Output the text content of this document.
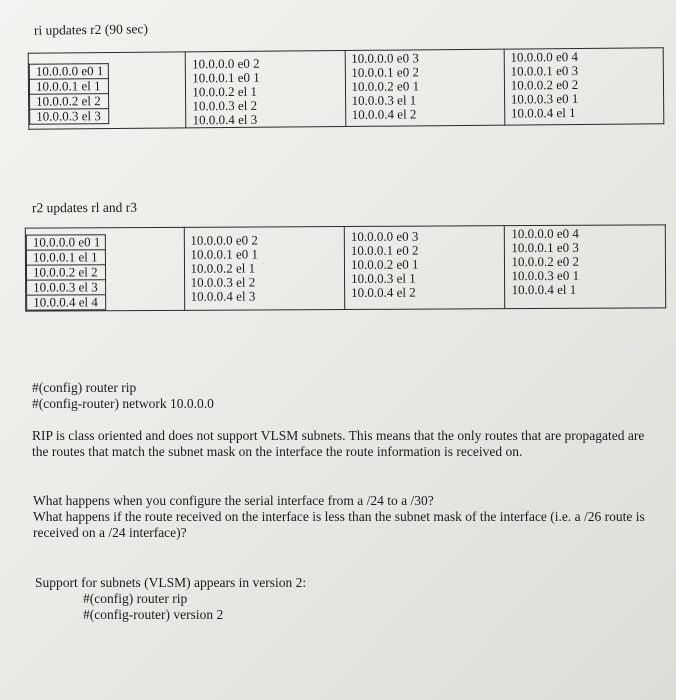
ri updates r2 (90 sec)
10.0.0.0 e0 1
10.0.0.1 el 1
10.0.0.2 el 2
10.0.0.3 el 3

10.0.0.0 e0 2
10.0.0.1 e0 1
10.0.0.2 el 1
10.0.0.3 el 2
10.0.0.4 el 3

10.0.0.0 e0 3
10.0.0.1 e0 2
10.0.0.2 e0 1
10.0.0.3 el 1
10.0.0.4 el 2

10.0.0.0 e0 4
10.0.0.1 e0 3
10.0.0.2 e0 2
10.0.0.3 e0 1
10.0.0.4 el 1
r2 updates rl and r3
10.0.0.0 e0 1
10.0.0.1 el 1
10.0.0.2 el 2
10.0.0.3 el 3
10.0.0.4 el 4

10.0.0.0 e0 2
10.0.0.1 e0 1
10.0.0.2 el 1
10.0.0.3 el 2
10.0.0.4 el 3

10.0.0.0 e0 3
10.0.0.1 e0 2
10.0.0.2 e0 1
10.0.0.3 el 1
10.0.0.4 el 2

10.0.0.0 e0 4
10.0.0.1 e0 3
10.0.0.2 e0 2
10.0.0.3 e0 1
10.0.0.4 el 1

#(config) router rip

#(config-router) network 10.0.0.0

RIP is class oriented and does not support VLSM subnets. This means that the only routes that are propagated are the routes that match the subnet mask on the interface the route information is received on.

What happens when you configure the serial interface from a /24 to a /30?

What happens if the route received on the interface is less than the subnet mask of the interface (i.e. a /26 route is received on a /24 interface)?

Support for subnets (VLSM) appears in version 2:

#(config) router rip

#(config-router) version 2
